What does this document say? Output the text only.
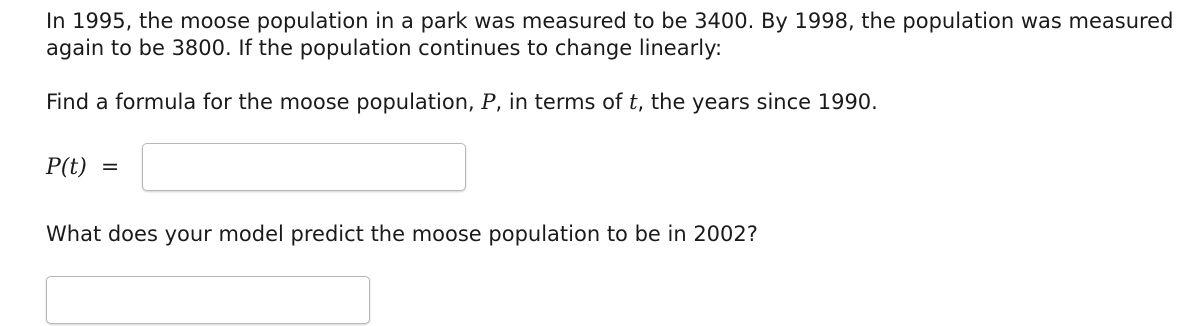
In 1995, the moose population in a park was measured to be 3400. By 1998, the population was measured
again to be 3800. If the population continues to change linearly:
Find a formula for the moose population, P, in terms of t, the years since 1990.
P(t) =
What does your model predict the moose population to be in 2002?
